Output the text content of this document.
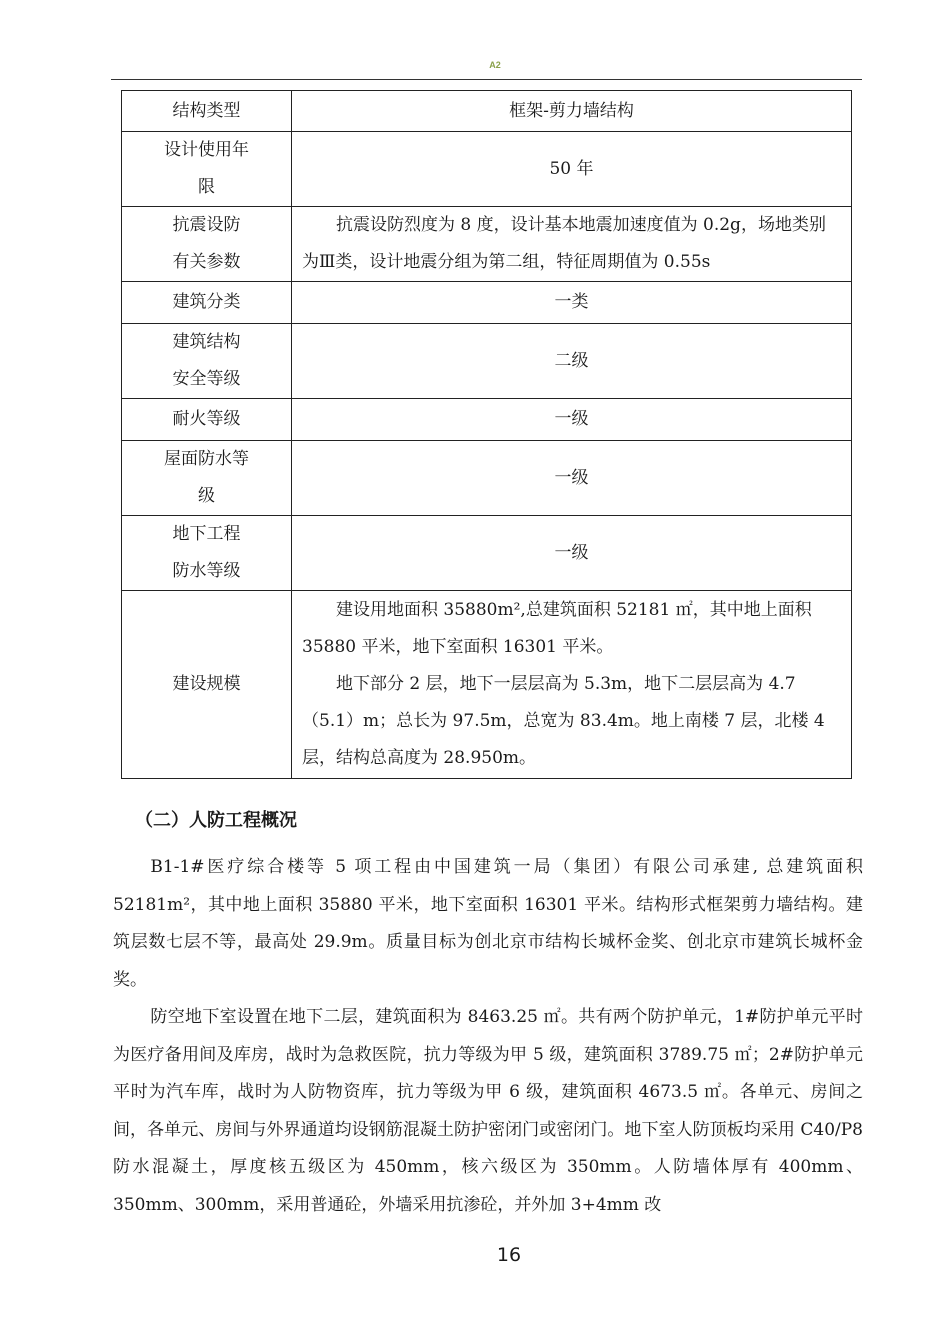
A2
结构类型	框架-剪力墙结构

设计使用年
限	50 年

抗震设防
有关参数	抗震设防烈度为 8 度，设计基本地震加速度值为 0.2g，场地类别为Ⅲ类，设计地震分组为第二组，特征周期值为 0.55s

建筑分类	一类

建筑结构
安全等级	二级

耐火等级	一级

屋面防水等
级	一级

地下工程
防水等级	一级

建设规模	建设用地面积 35880m²,总建筑面积 52181 ㎡，其中地上面积 35880 平米，地下室面积 16301 平米。
地下部分 2 层，地下一层层高为 5.3m，地下二层层高为 4.7（5.1）m；总长为 97.5m，总宽为 83.4m。地上南楼 7 层，北楼 4 层，结构总高度为 28.950m。
（二）人防工程概况

B1-1#医疗综合楼等 5 项工程由中国建筑一局（集团）有限公司承建, 总建筑面积 52181m²，其中地上面积 35880 平米，地下室面积 16301 平米。结构形式框架剪力墙结构。建筑层数七层不等，最高处 29.9m。质量目标为创北京市结构长城杯金奖、创北京市建筑长城杯金奖。

防空地下室设置在地下二层，建筑面积为 8463.25 ㎡。共有两个防护单元，1#防护单元平时为医疗备用间及库房，战时为急救医院，抗力等级为甲 5 级，建筑面积 3789.75 ㎡；2#防护单元平时为汽车库，战时为人防物资库，抗力等级为甲 6 级，建筑面积 4673.5 ㎡。各单元、房间之间，各单元、房间与外界通道均设钢筋混凝土防护密闭门或密闭门。地下室人防顶板均采用 C40/P8 防水混凝土，厚度核五级区为 450mm，核六级区为 350mm。人防墙体厚有 400mm、350mm、300mm，采用普通砼，外墙采用抗渗砼，并外加 3+4mm 改

16
